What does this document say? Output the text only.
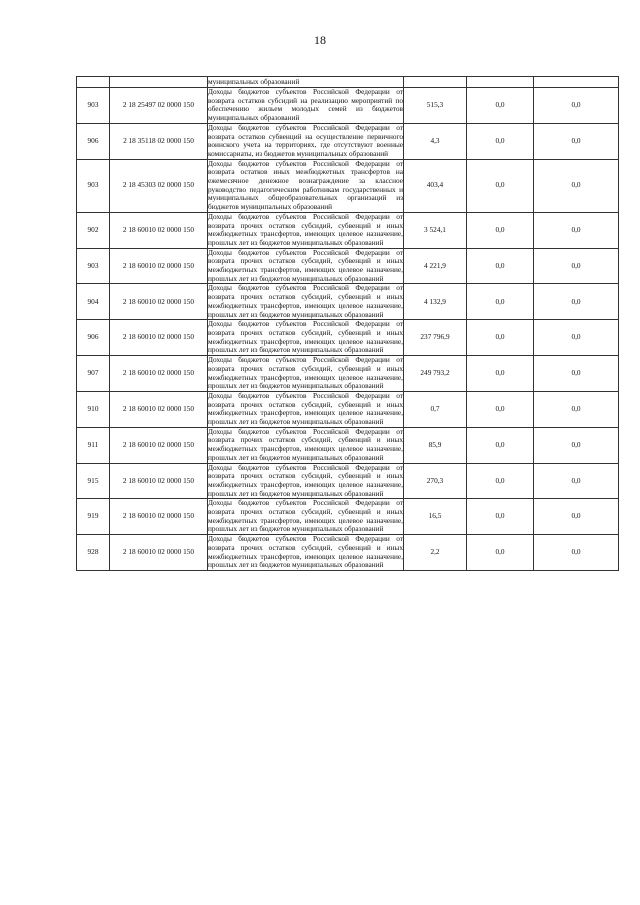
18
		муниципальных образований			
903	2 18 25497 02 0000 150	Доходы бюджетов субъектов Российской Федерации от возврата остатков субсидий на реализацию мероприятий по обеспечению жильем молодых семей из бюджетов муниципальных образований	515,3	0,0	0,0
906	2 18 35118 02 0000 150	Доходы бюджетов субъектов Российской Федерации от возврата остатков субвенций на осуществление первичного воинского учета на территориях, где отсутствуют военные комиссариаты, из бюджетов муниципальных образований	4,3	0,0	0,0
903	2 18 45303 02 0000 150	Доходы бюджетов субъектов Российской Федерации от возврата остатков иных межбюджетных трансфертов на ежемесячное денежное вознаграждение за классное руководство педагогическим работникам государственных и муниципальных общеобразовательных организаций из бюджетов муниципальных образований	403,4	0,0	0,0
902	2 18 60010 02 0000 150	Доходы бюджетов субъектов Российской Федерации от возврата прочих остатков субсидий, субвенций и иных межбюджетных трансфертов, имеющих целевое назначение, прошлых лет из бюджетов муниципальных образований	3 524,1	0,0	0,0
903	2 18 60010 02 0000 150	Доходы бюджетов субъектов Российской Федерации от возврата прочих остатков субсидий, субвенций и иных межбюджетных трансфертов, имеющих целевое назначение, прошлых лет из бюджетов муниципальных образований	4 221,9	0,0	0,0
904	2 18 60010 02 0000 150	Доходы бюджетов субъектов Российской Федерации от возврата прочих остатков субсидий, субвенций и иных межбюджетных трансфертов, имеющих целевое назначение, прошлых лет из бюджетов муниципальных образований	4 132,9	0,0	0,0
906	2 18 60010 02 0000 150	Доходы бюджетов субъектов Российской Федерации от возврата прочих остатков субсидий, субвенций и иных межбюджетных трансфертов, имеющих целевое назначение, прошлых лет из бюджетов муниципальных образований	237 796,9	0,0	0,0
907	2 18 60010 02 0000 150	Доходы бюджетов субъектов Российской Федерации от возврата прочих остатков субсидий, субвенций и иных межбюджетных трансфертов, имеющих целевое назначение, прошлых лет из бюджетов муниципальных образований	249 793,2	0,0	0,0
910	2 18 60010 02 0000 150	Доходы бюджетов субъектов Российской Федерации от возврата прочих остатков субсидий, субвенций и иных межбюджетных трансфертов, имеющих целевое назначение, прошлых лет из бюджетов муниципальных образований	0,7	0,0	0,0
911	2 18 60010 02 0000 150	Доходы бюджетов субъектов Российской Федерации от возврата прочих остатков субсидий, субвенций и иных межбюджетных трансфертов, имеющих целевое назначение, прошлых лет из бюджетов муниципальных образований	85,9	0,0	0,0
915	2 18 60010 02 0000 150	Доходы бюджетов субъектов Российской Федерации от возврата прочих остатков субсидий, субвенций и иных межбюджетных трансфертов, имеющих целевое назначение, прошлых лет из бюджетов муниципальных образований	270,3	0,0	0,0
919	2 18 60010 02 0000 150	Доходы бюджетов субъектов Российской Федерации от возврата прочих остатков субсидий, субвенций и иных межбюджетных трансфертов, имеющих целевое назначение, прошлых лет из бюджетов муниципальных образований	16,5	0,0	0,0
928	2 18 60010 02 0000 150	Доходы бюджетов субъектов Российской Федерации от возврата прочих остатков субсидий, субвенций и иных межбюджетных трансфертов, имеющих целевое назначение, прошлых лет из бюджетов муниципальных образований	2,2	0,0	0,0
